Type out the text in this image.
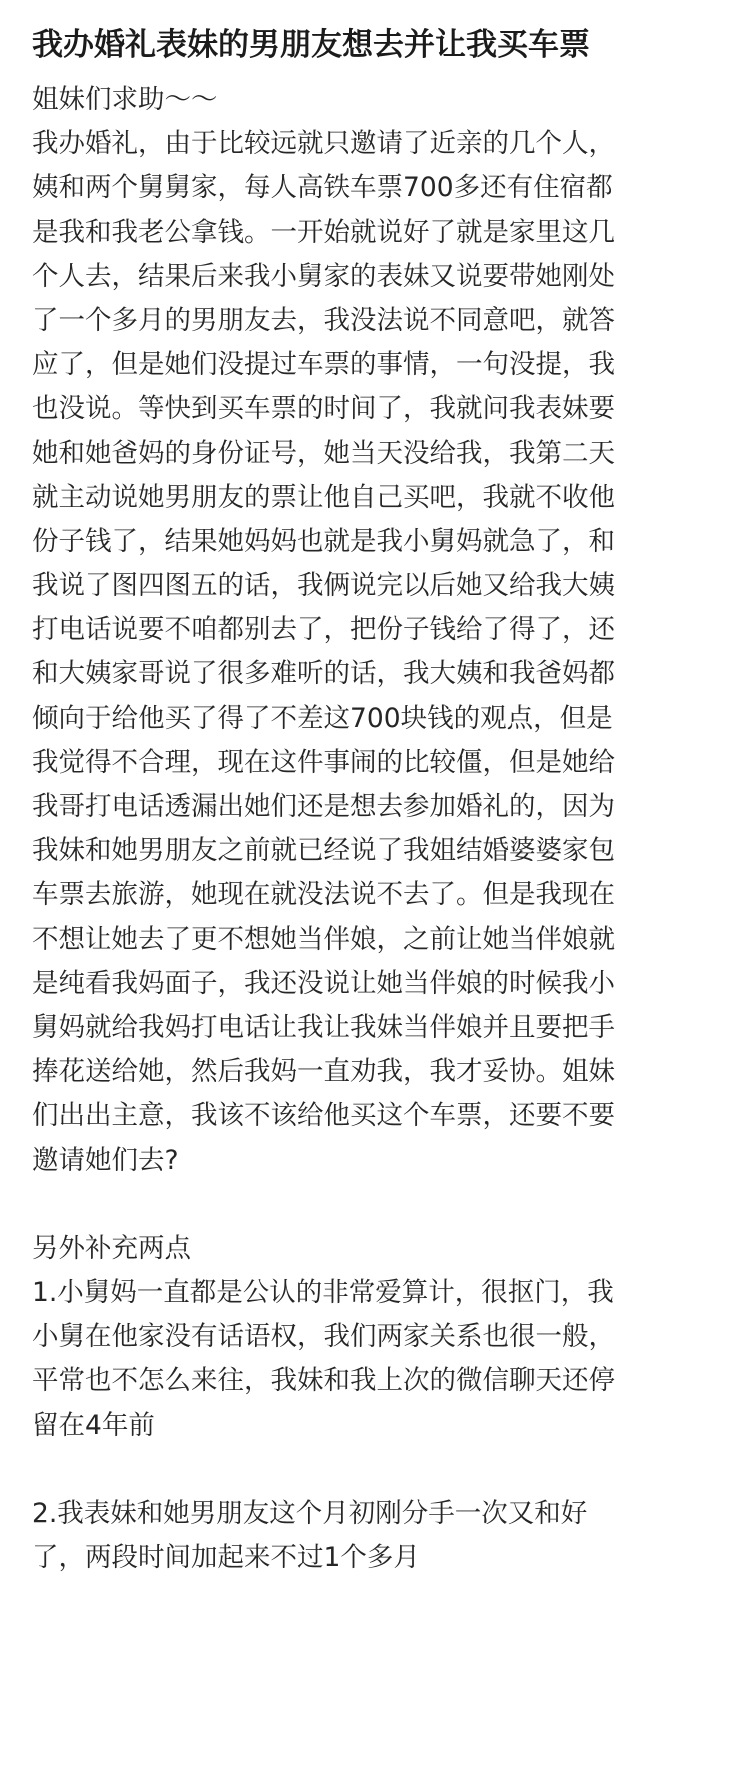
我办婚礼表妹的男朋友想去并让我买车票
姐妹们求助～～
我办婚礼，由于比较远就只邀请了近亲的几个人，
姨和两个舅舅家，每人高铁车票700多还有住宿都
是我和我老公拿钱。一开始就说好了就是家里这几
个人去，结果后来我小舅家的表妹又说要带她刚处
了一个多月的男朋友去，我没法说不同意吧，就答
应了，但是她们没提过车票的事情，一句没提，我
也没说。等快到买车票的时间了，我就问我表妹要
她和她爸妈的身份证号，她当天没给我，我第二天
就主动说她男朋友的票让他自己买吧，我就不收他
份子钱了，结果她妈妈也就是我小舅妈就急了，和
我说了图四图五的话，我俩说完以后她又给我大姨
打电话说要不咱都别去了，把份子钱给了得了，还
和大姨家哥说了很多难听的话，我大姨和我爸妈都
倾向于给他买了得了不差这700块钱的观点，但是
我觉得不合理，现在这件事闹的比较僵，但是她给
我哥打电话透漏出她们还是想去参加婚礼的，因为
我妹和她男朋友之前就已经说了我姐结婚婆婆家包
车票去旅游，她现在就没法说不去了。但是我现在
不想让她去了更不想她当伴娘，之前让她当伴娘就
是纯看我妈面子，我还没说让她当伴娘的时候我小
舅妈就给我妈打电话让我让我妹当伴娘并且要把手
捧花送给她，然后我妈一直劝我，我才妥协。姐妹
们出出主意，我该不该给他买这个车票，还要不要
邀请她们去?
另外补充两点
1.小舅妈一直都是公认的非常爱算计，很抠门，我
小舅在他家没有话语权，我们两家关系也很一般，
平常也不怎么来往，我妹和我上次的微信聊天还停
留在4年前
2.我表妹和她男朋友这个月初刚分手一次又和好
了，两段时间加起来不过1个多月
